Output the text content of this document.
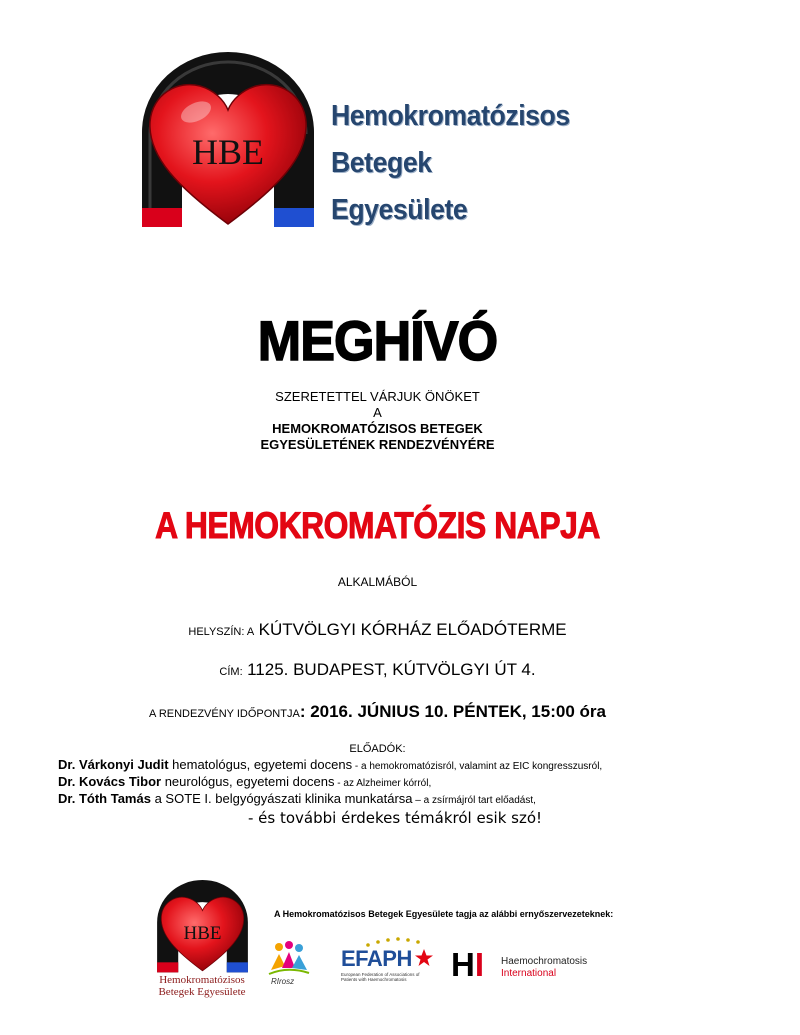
HBE
Hemokromatózisos
Betegek
Egyesülete
MEGHÍVÓ
SZERETETTEL VÁRJUK ÖNÖKET
A
HEMOKROMATÓZISOS BETEGEK
EGYESÜLETÉNEK RENDEZVÉNYÉRE
A HEMOKROMATÓZIS NAPJA
ALKALMÁBÓL
HELYSZÍN: A KÚTVÖLGYI KÓRHÁZ ELŐADÓTERME
CÍM: 1125. BUDAPEST, KÚTVÖLGYI ÚT 4.
A RENDEZVÉNY IDŐPONTJA: 2016. JÚNIUS 10. PÉNTEK, 15:00 óra
ELŐADÓK:
Dr. Várkonyi Judit hematológus, egyetemi docens - a hemokromatózisról, valamint az EIC kongresszusról,
Dr. Kovács Tibor neurológus, egyetemi docens - az Alzheimer kórról,
Dr. Tóth Tamás a SOTE I. belgyógyászati klinika munkatársa – a zsírmájról tart előadást,
- és további érdekes témákról esik szó!
HBE
Hemokromatózisos
Betegek Egyesülete
A Hemokromatózisos Betegek Egyesülete tagja az alábbi ernyőszervezeteknek:
RIrosz
EFAPH
European Federation of Associations of Patients with Haemochromatosis	HI Haemochromatosis
International
